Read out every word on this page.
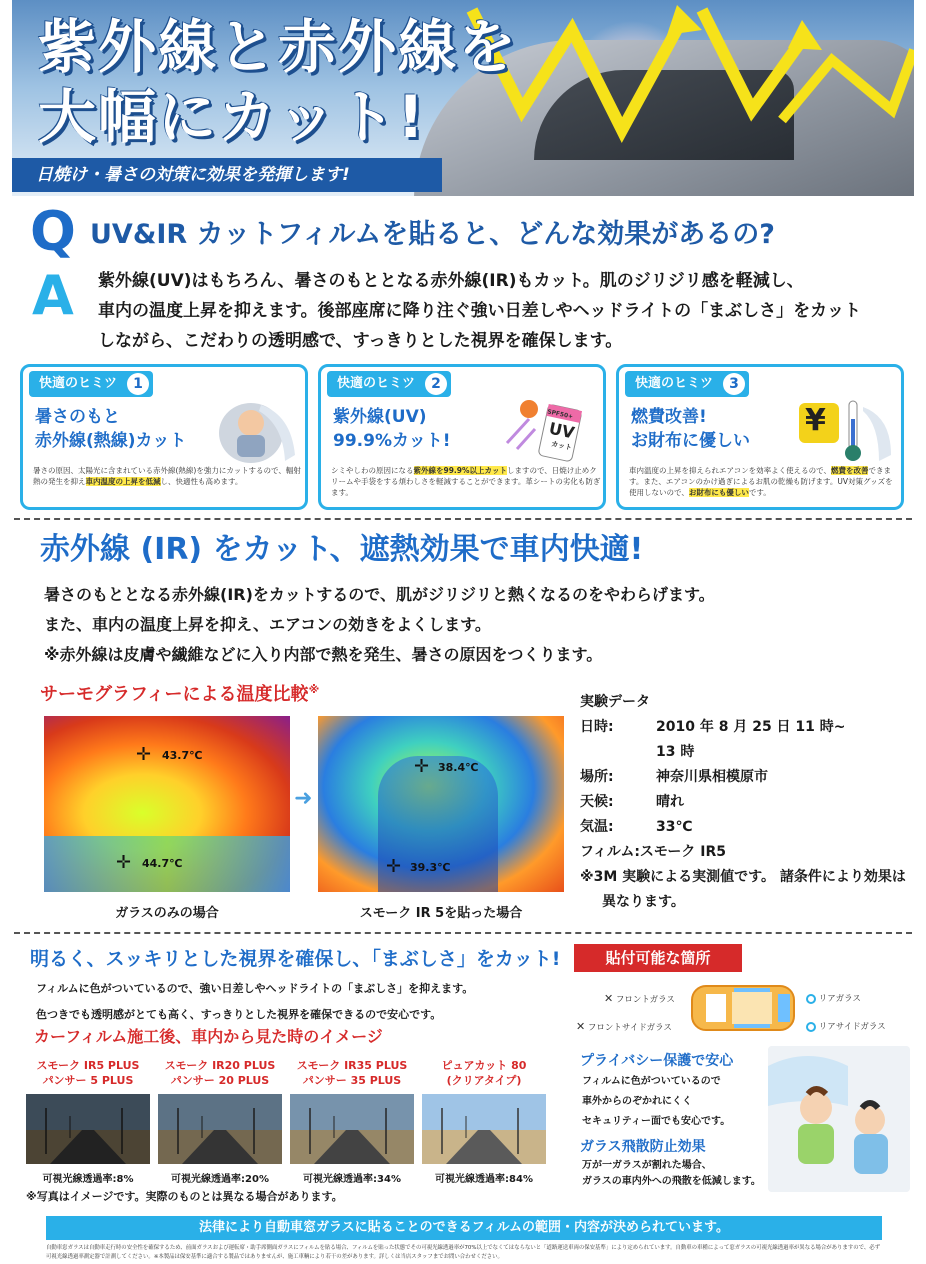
紫外線と赤外線を
大幅にカット!
日焼け・暑さの対策に効果を発揮します!
Q UV&IR カットフィルムを貼ると、どんな効果があるの?
A 紫外線(UV)はもちろん、暑さのもととなる赤外線(IR)もカット。肌のジリジリ感を軽減し、
車内の温度上昇を抑えます。後部座席に降り注ぐ強い日差しやヘッドライトの「まぶしさ」をカット
しながら、こだわりの透明感で、すっきりとした視界を確保します。
快適のヒミツ	1
暑さのもと
赤外線(熱線)カット
暑さの原因、太陽光に含まれている赤外線(熱線)を強力にカットするので、輻射熱の発生を抑え車内温度の上昇を低減し、快適性も高めます。
快適のヒミツ	2
紫外線(UV)
99.9%カット!
SPF50+
UV
カット
シミやしわの原因になる紫外線を99.9%以上カットしますので、日焼け止めクリームや手袋をする煩わしさを軽減することができます。革シートの劣化も防ぎます。
快適のヒミツ	3
燃費改善!
お財布に優しい
¥
車内温度の上昇を抑えられエアコンを効率よく使えるので、燃費を改善できます。また、エアコンのかけ過ぎによるお肌の乾燥も防げます。UV対策グッズを使用しないので、お財布にも優しいです。
赤外線 (IR) をカット、遮熱効果で車内快適!
暑さのもととなる赤外線(IR)をカットするので、肌がジリジリと熱くなるのをやわらげます。
また、車内の温度上昇を抑え、エアコンの効きをよくします。
※赤外線は皮膚や繊維などに入り内部で熱を発生、暑さの原因をつくります。
サーモグラフィーによる温度比較※
✛ 43.7℃
✛ 44.7℃
➜
✛ 38.4℃
✛ 39.3℃
ガラスのみの場合	スモーク IR 5を貼った場合
実験データ
日時:	2010 年 8 月 25 日 11 時~
13 時
場所:	神奈川県相模原市
天候:	晴れ
気温:	33℃
フィルム:スモーク IR5
※3M 実験による実測値です。 諸条件により効果は異なります。
明るく、スッキリとした視界を確保し、「まぶしさ」をカット!
フィルムに色がついているので、強い日差しやヘッドライトの「まぶしさ」を抑えます。
色つきでも透明感がとても高く、すっきりとした視界を確保できるので安心です。
カーフィルム施工後、車内から見た時のイメージ
スモーク IR5 PLUS
パンサー 5 PLUS
可視光線透過率:8%
スモーク IR20 PLUS
パンサー 20 PLUS
可視光線透過率:20%
スモーク IR35 PLUS
パンサー 35 PLUS
可視光線透過率:34%
ピュアカット 80
(クリアタイプ)
可視光線透過率:84%
※写真はイメージです。実際のものとは異なる場合があります。
貼付可能な箇所
✕ フロントガラス
✕ フロントサイドガラス
リアガラス
リアサイドガラス
プライバシー保護で安心
フィルムに色がついているので
車外からのぞかれにくく
セキュリティー面でも安心です。
ガラス飛散防止効果
万が一ガラスが割れた場合、
ガラスの車内外への飛散を低減します。
法律により自動車窓ガラスに貼ることのできるフィルムの範囲・内容が決められています。
自動車窓ガラスは自動車走行時の安全性を確保するため、前面ガラスおよび運転席・助手席側面ガラスにフィルムを貼る場合、フィルムを貼った状態でその可視光線透過率が70%以上でなくてはならないと「道路運送車両の保安基準」により定められています。自動車の車種によって窓ガラスの可視光線透過率が異なる場合がありますので、必ず可視光線透過率測定器で計測してください。※本製品は保安基準に適合する製品ではありませんが、施工車輌により若干の差があります。詳しくは当店スタッフまでお問い合わせください。
